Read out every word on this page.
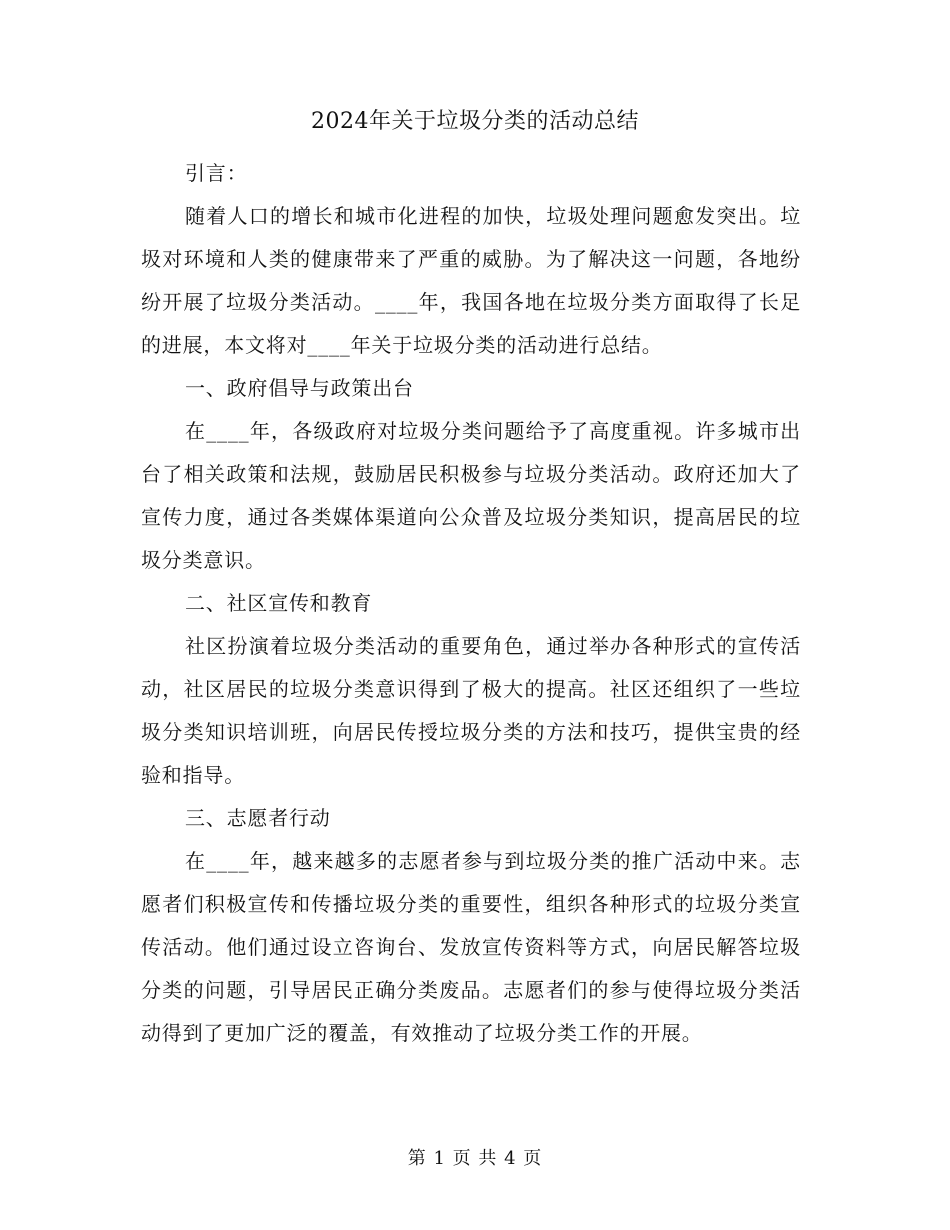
2024年关于垃圾分类的活动总结

引言：

随着人口的增长和城市化进程的加快，垃圾处理问题愈发突出。垃圾对环境和人类的健康带来了严重的威胁。为了解决这一问题，各地纷纷开展了垃圾分类活动。____年，我国各地在垃圾分类方面取得了长足的进展，本文将对____年关于垃圾分类的活动进行总结。

一、政府倡导与政策出台

在____年，各级政府对垃圾分类问题给予了高度重视。许多城市出台了相关政策和法规，鼓励居民积极参与垃圾分类活动。政府还加大了宣传力度，通过各类媒体渠道向公众普及垃圾分类知识，提高居民的垃圾分类意识。

二、社区宣传和教育

社区扮演着垃圾分类活动的重要角色，通过举办各种形式的宣传活动，社区居民的垃圾分类意识得到了极大的提高。社区还组织了一些垃圾分类知识培训班，向居民传授垃圾分类的方法和技巧，提供宝贵的经验和指导。

三、志愿者行动

在____年，越来越多的志愿者参与到垃圾分类的推广活动中来。志愿者们积极宣传和传播垃圾分类的重要性，组织各种形式的垃圾分类宣传活动。他们通过设立咨询台、发放宣传资料等方式，向居民解答垃圾分类的问题，引导居民正确分类废品。志愿者们的参与使得垃圾分类活动得到了更加广泛的覆盖，有效推动了垃圾分类工作的开展。

第 1 页 共 4 页
